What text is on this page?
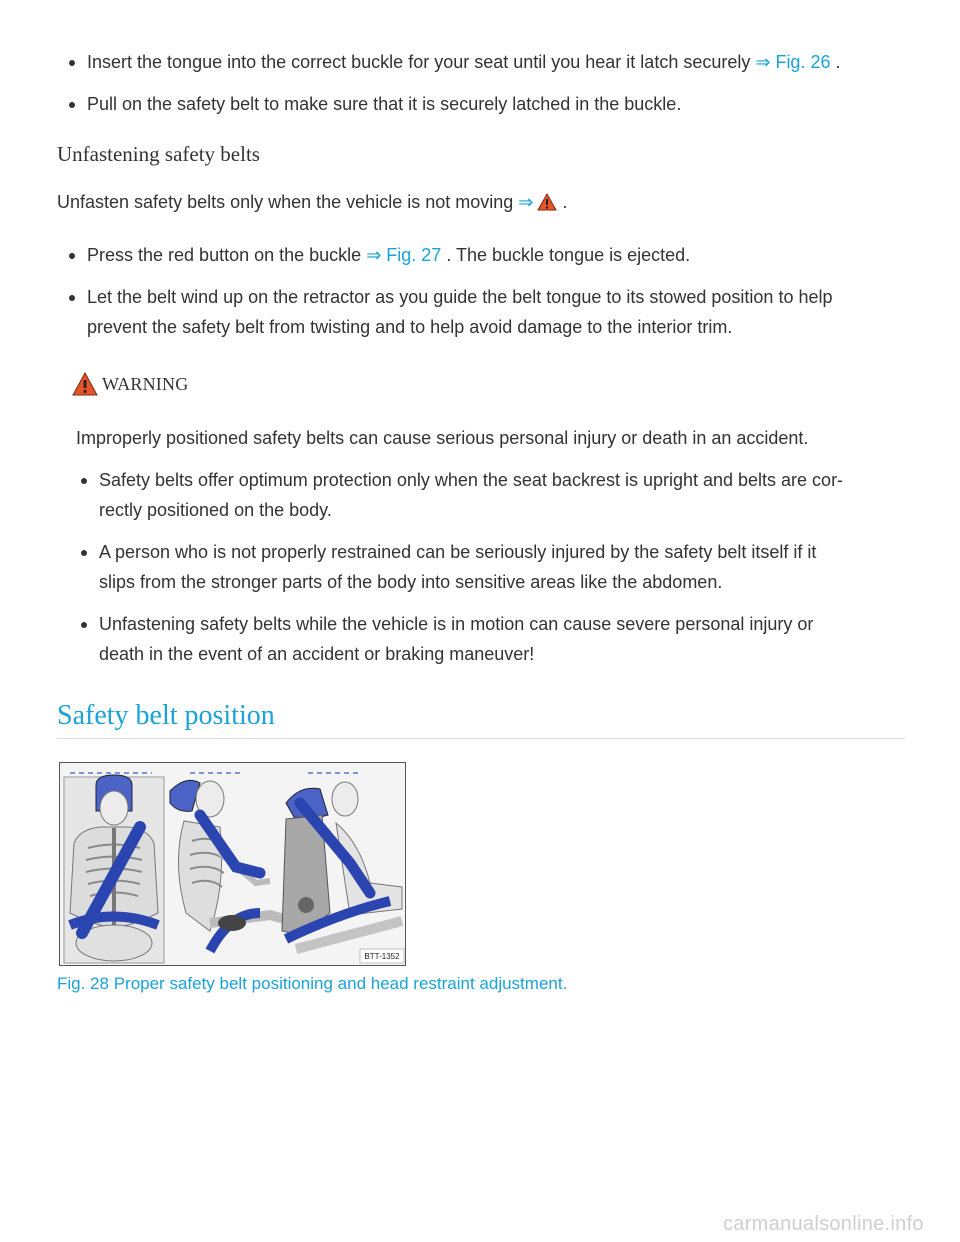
Insert the tongue into the correct buckle for your seat until you hear it latch securely ⇒ Fig. 26 .
Pull on the safety belt to make sure that it is securely latched in the buckle.
Unfastening safety belts

Unfasten safety belts only when the vehicle is not moving ⇒ .

Press the red button on the buckle ⇒ Fig. 27 . The buckle tongue is ejected.
Let the belt wind up on the retractor as you guide the belt tongue to its stowed position to help
prevent the safety belt from twisting and to help avoid damage to the interior trim.
WARNING

Improperly positioned safety belts can cause serious personal injury or death in an accident.

Safety belts offer optimum protection only when the seat backrest is upright and belts are cor-
rectly positioned on the body.
A person who is not properly restrained can be seriously injured by the safety belt itself if it
slips from the stronger parts of the body into sensitive areas like the abdomen.
Unfastening safety belts while the vehicle is in motion can cause severe personal injury or
death in the event of an accident or braking maneuver!
Safety belt position
BTT-1352

Fig. 28 Proper safety belt positioning and head restraint adjustment.

carmanualsonline.info
